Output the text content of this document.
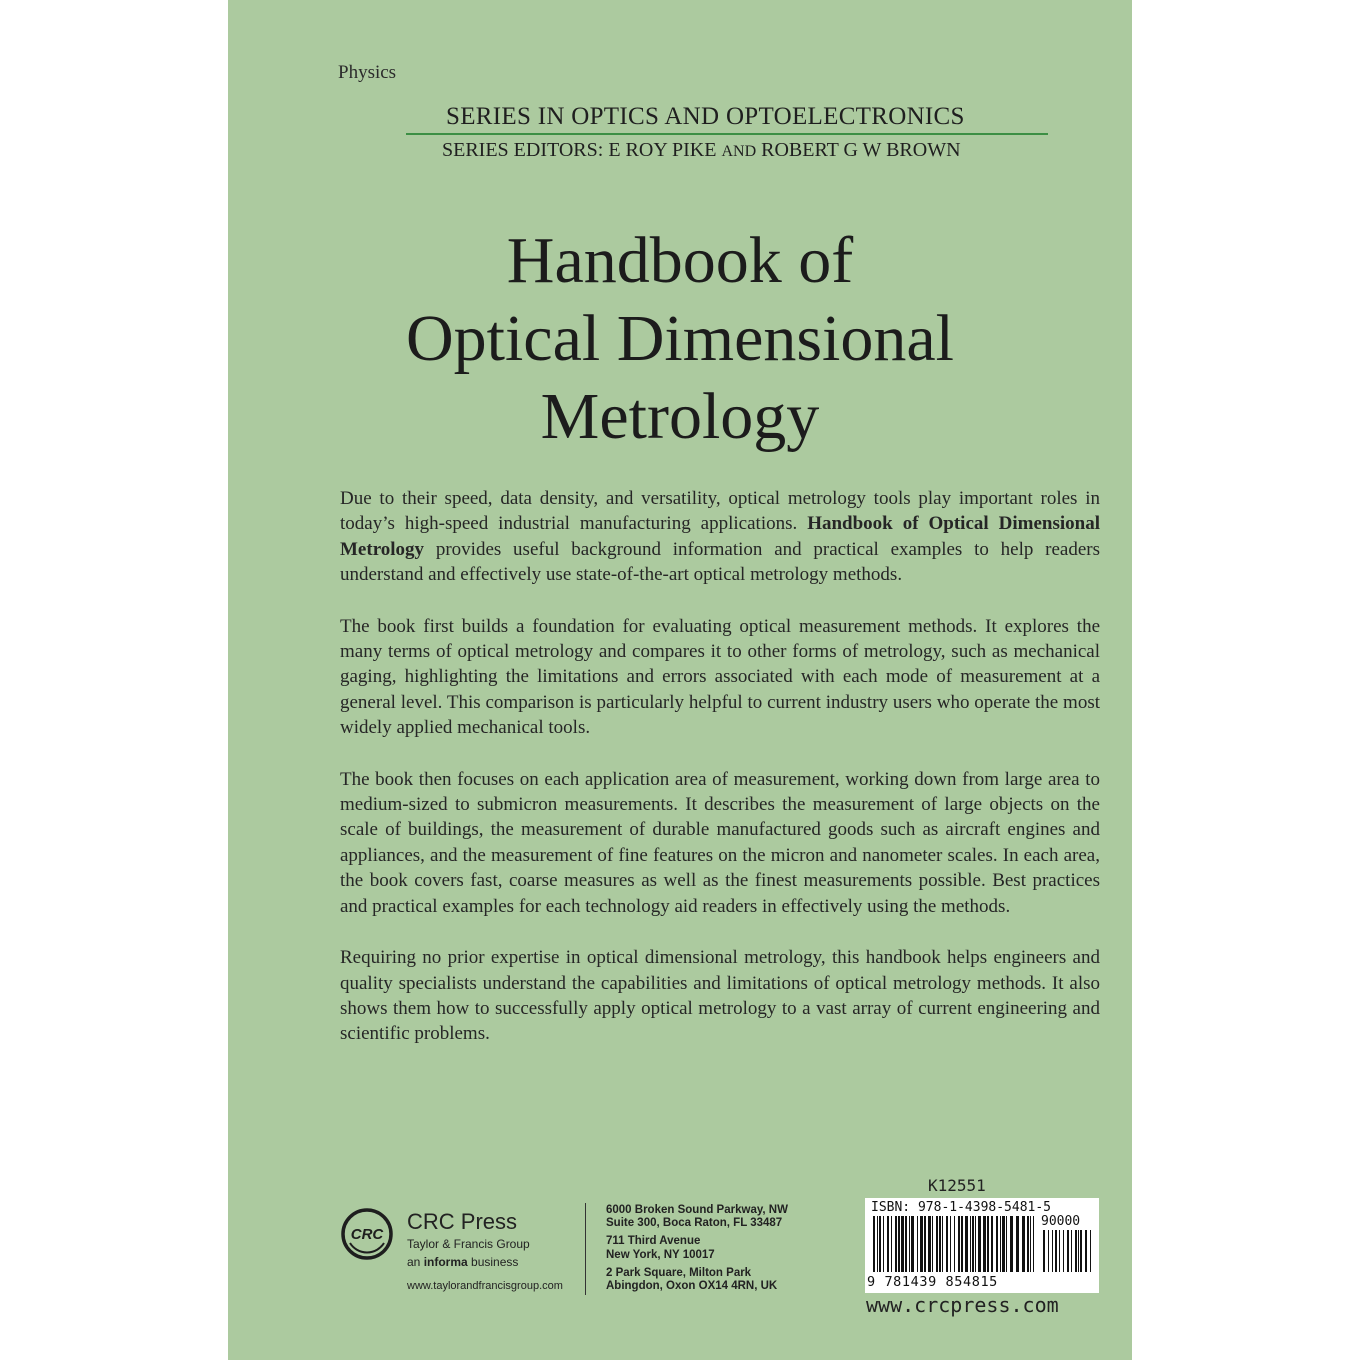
Physics
SERIES IN OPTICS AND OPTOELECTRONICS
SERIES EDITORS: E ROY PIKE AND ROBERT G W BROWN
Handbook of
Optical Dimensional
Metrology

Due to their speed, data density, and versatility, optical metrology tools play important roles in today’s high-speed industrial manufacturing applications. Handbook of Optical Dimensional Metrology provides useful background information and practical examples to help readers understand and effectively use state-of-the-art optical metrology methods.

The book first builds a foundation for evaluating optical measurement methods. It explores the many terms of optical metrology and compares it to other forms of metrology, such as mechanical gaging, highlighting the limitations and errors associated with each mode of measurement at a general level. This comparison is particularly helpful to current industry users who operate the most widely applied mechanical tools.

The book then focuses on each application area of measurement, working down from large area to medium-sized to submicron measurements. It describes the measurement of large objects on the scale of buildings, the measurement of durable manufactured goods such as aircraft engines and appliances, and the measurement of fine features on the micron and nanometer scales. In each area, the book covers fast, coarse measures as well as the finest measurements possible. Best practices and practical examples for each technology aid readers in effectively using the methods.

Requiring no prior expertise in optical dimensional metrology, this handbook helps engineers and quality specialists understand the capabilities and limitations of optical metrology methods. It also shows them how to successfully apply optical metrology to a vast array of current engineering and scientific problems.

CRC
CRC Press
Taylor & Francis Group
an informa business
www.taylorandfrancisgroup.com
6000 Broken Sound Parkway, NW
Suite 300, Boca Raton, FL 33487
711 Third Avenue
New York, NY 10017
2 Park Square, Milton Park
Abingdon, Oxon OX14 4RN, UK
K12551
ISBN: 978-1-4398-5481-5
90000
9 781439 854815
www.crcpress.com
